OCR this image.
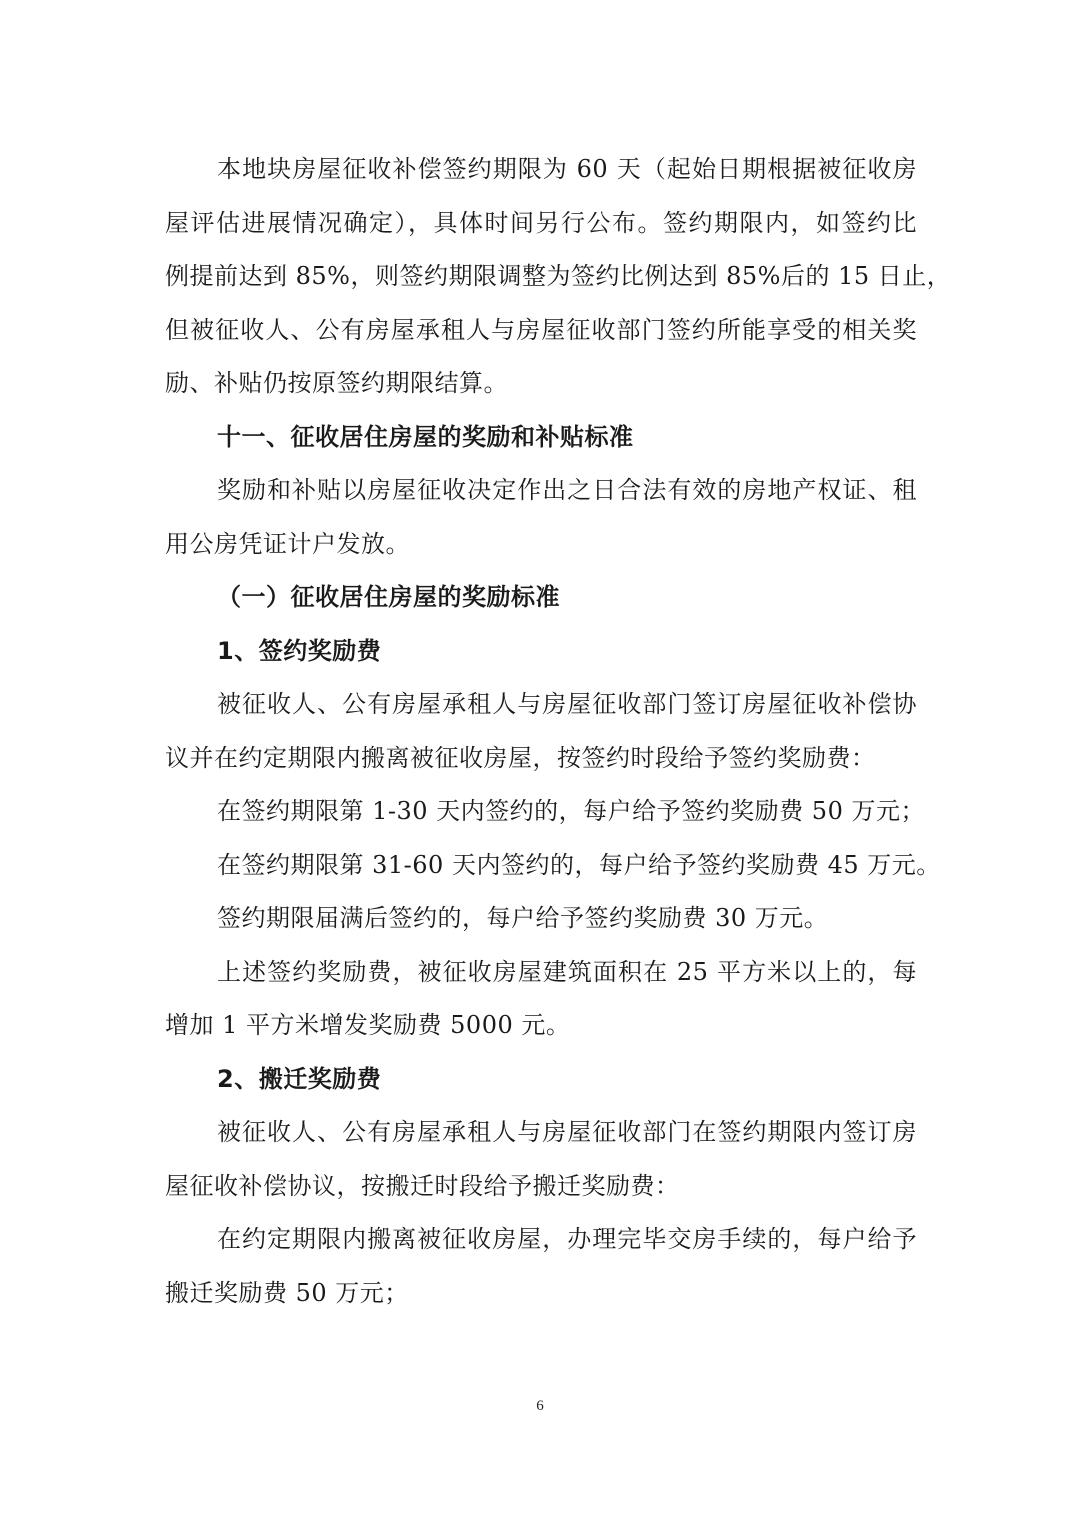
本地块房屋征收补偿签约期限为 60 天（起始日期根据被征收房
屋评估进展情况确定），具体时间另行公布。签约期限内，如签约比
例提前达到 85%，则签约期限调整为签约比例达到 85%后的 15 日止，
但被征收人、公有房屋承租人与房屋征收部门签约所能享受的相关奖
励、补贴仍按原签约期限结算。
十一、征收居住房屋的奖励和补贴标准
奖励和补贴以房屋征收决定作出之日合法有效的房地产权证、租
用公房凭证计户发放。
（一）征收居住房屋的奖励标准
1、签约奖励费
被征收人、公有房屋承租人与房屋征收部门签订房屋征收补偿协
议并在约定期限内搬离被征收房屋，按签约时段给予签约奖励费：
在签约期限第 1-30 天内签约的，每户给予签约奖励费 50 万元；
在签约期限第 31-60 天内签约的，每户给予签约奖励费 45 万元。
签约期限届满后签约的，每户给予签约奖励费 30 万元。
上述签约奖励费，被征收房屋建筑面积在 25 平方米以上的，每
增加 1 平方米增发奖励费 5000 元。
2、搬迁奖励费
被征收人、公有房屋承租人与房屋征收部门在签约期限内签订房
屋征收补偿协议，按搬迁时段给予搬迁奖励费：
在约定期限内搬离被征收房屋，办理完毕交房手续的，每户给予
搬迁奖励费 50 万元；
6
